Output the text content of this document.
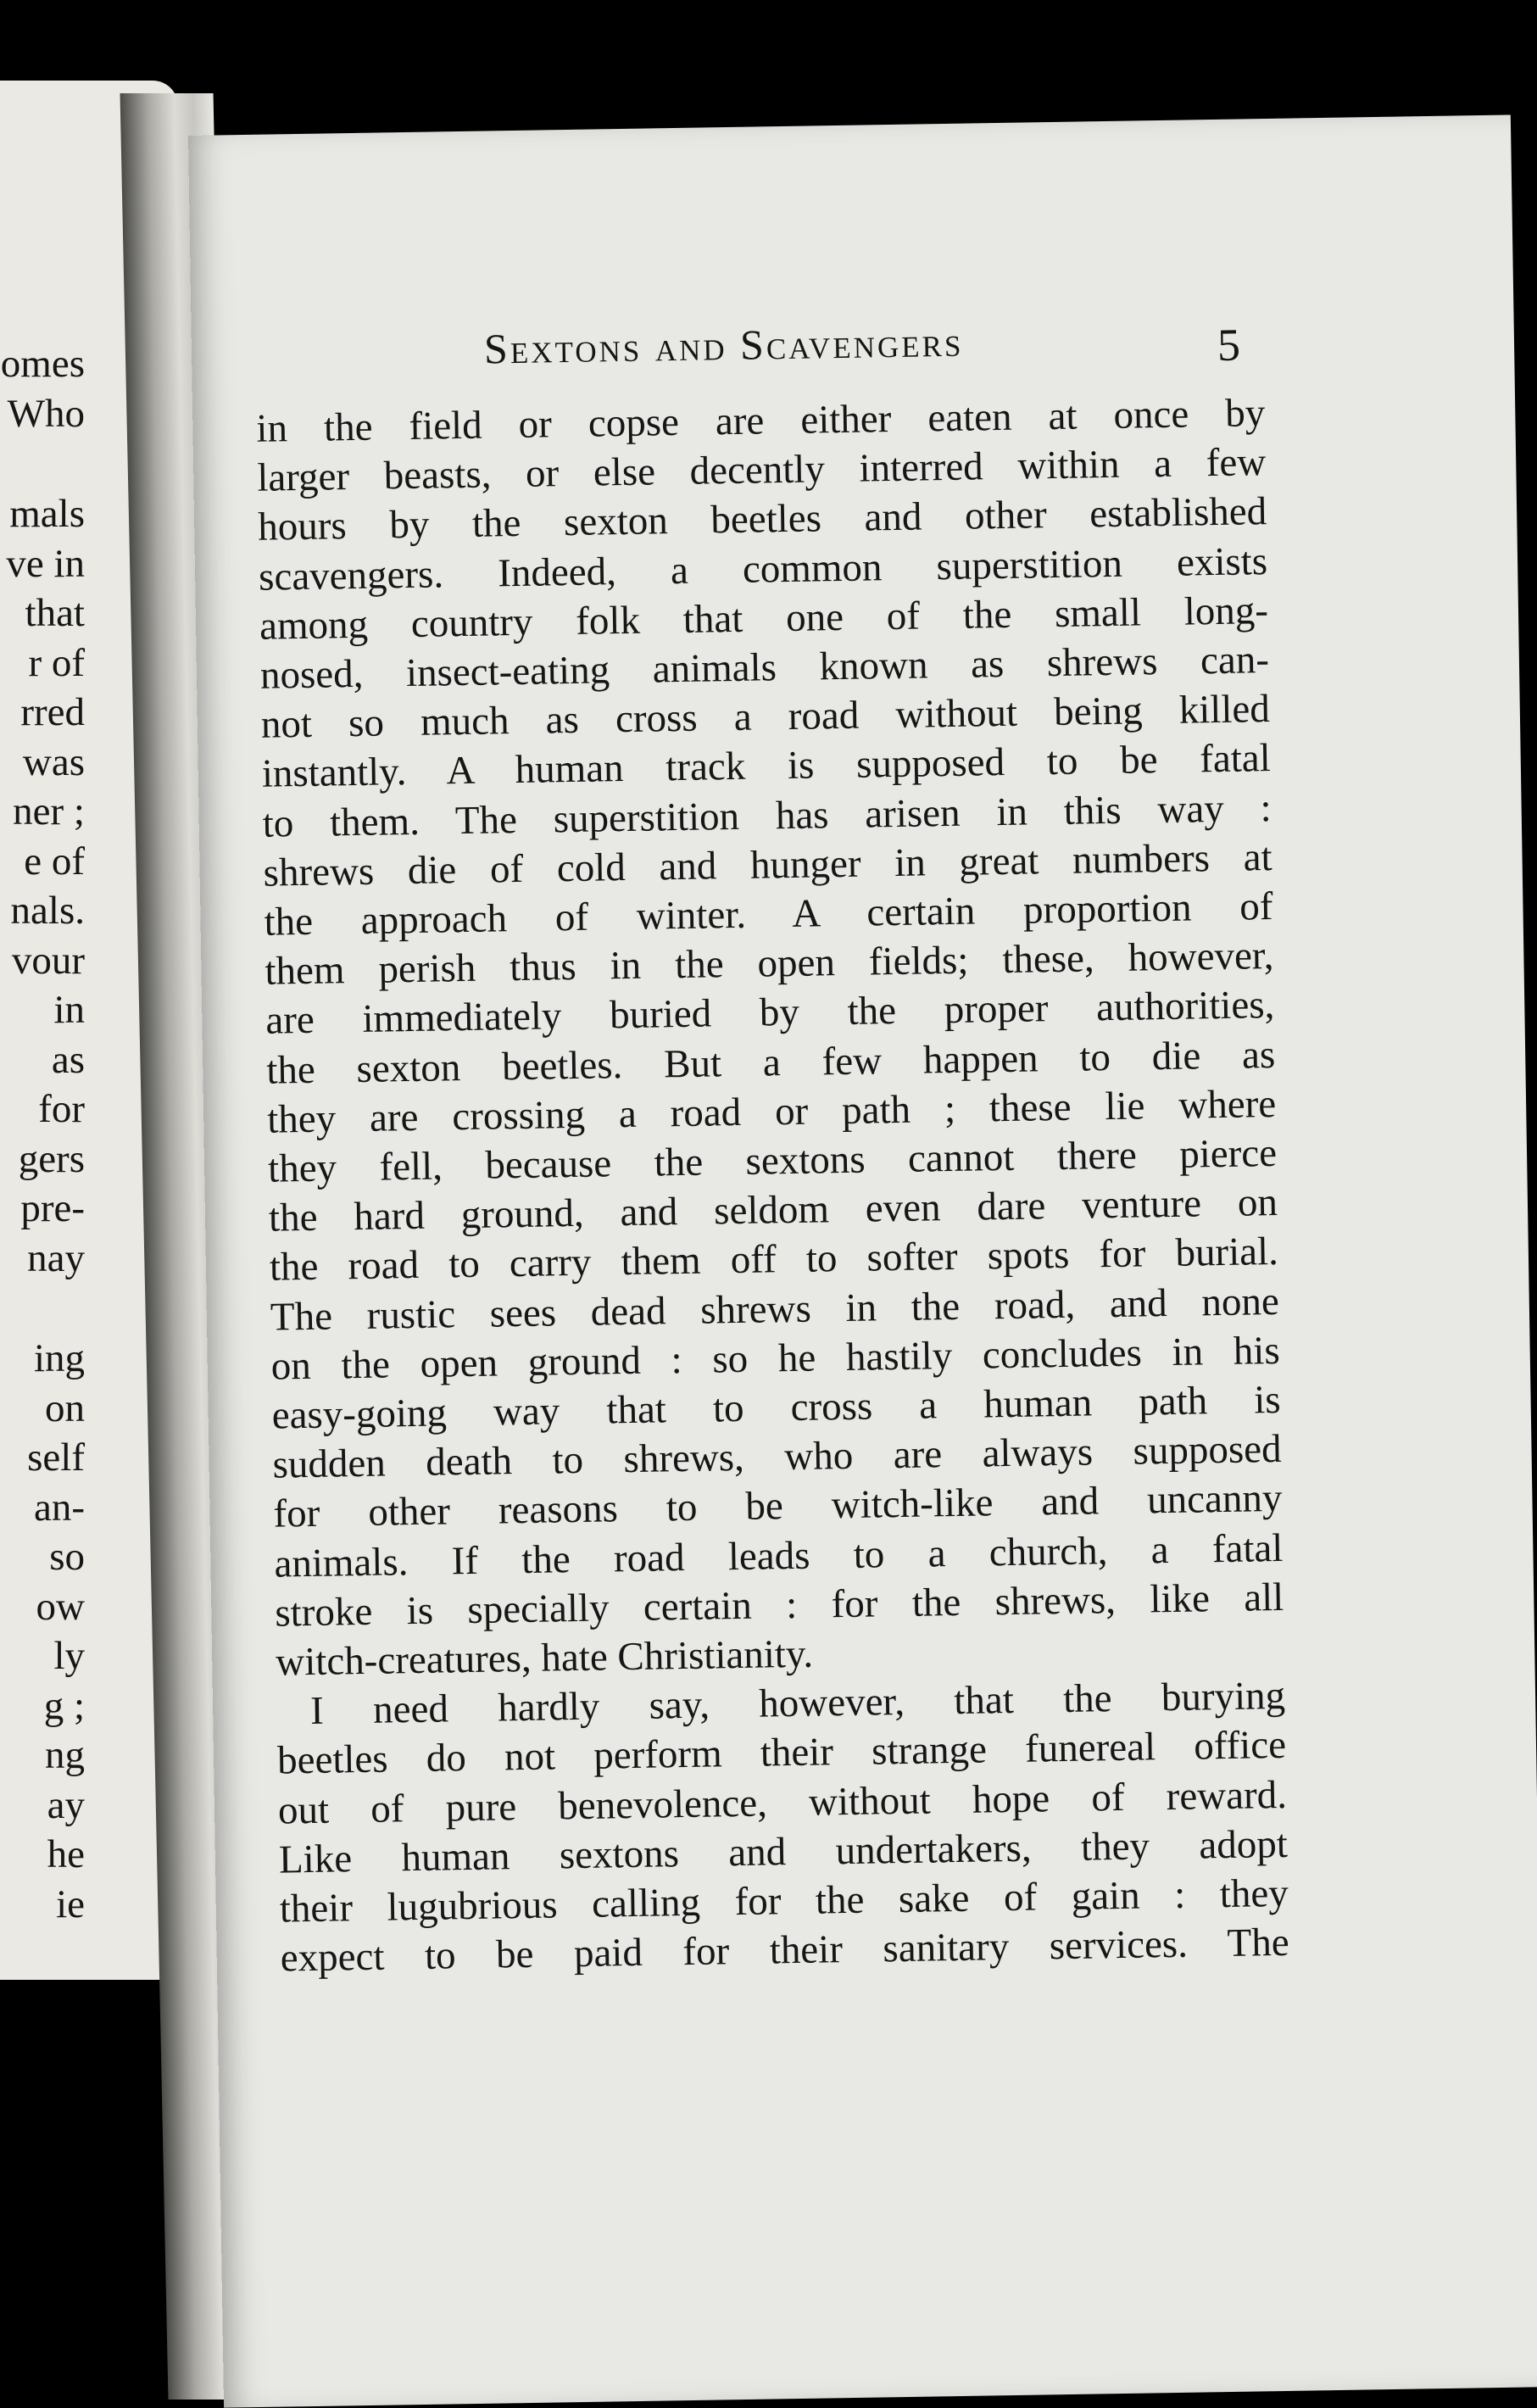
omes
Who
mals
ve in
that
r of
rred
was
ner ;
e of
nals.
vour
in
as
for
gers
pre-
nay
ing
on
self
an-
so
ow
ly
g ;
ng
ay
he
ie
Sextons and Scavengers	5
in the field or copse are either eaten at once by
larger beasts, or else decently interred within a few
hours by the sexton beetles and other established
scavengers. Indeed, a common superstition exists
among country folk that one of the small long-
nosed, insect-eating animals known as shrews can-
not so much as cross a road without being killed
instantly. A human track is supposed to be fatal
to them. The superstition has arisen in this way :
shrews die of cold and hunger in great numbers at
the approach of winter. A certain proportion of
them perish thus in the open fields; these, however,
are immediately buried by the proper authorities,
the sexton beetles. But a few happen to die as
they are crossing a road or path ; these lie where
they fell, because the sextons cannot there pierce
the hard ground, and seldom even dare venture on
the road to carry them off to softer spots for burial.
The rustic sees dead shrews in the road, and none
on the open ground : so he hastily concludes in his
easy-going way that to cross a human path is
sudden death to shrews, who are always supposed
for other reasons to be witch-like and uncanny
animals. If the road leads to a church, a fatal
stroke is specially certain : for the shrews, like all
witch-creatures, hate Christianity.
I need hardly say, however, that the burying
beetles do not perform their strange funereal office
out of pure benevolence, without hope of reward.
Like human sextons and undertakers, they adopt
their lugubrious calling for the sake of gain : they
expect to be paid for their sanitary services. The
